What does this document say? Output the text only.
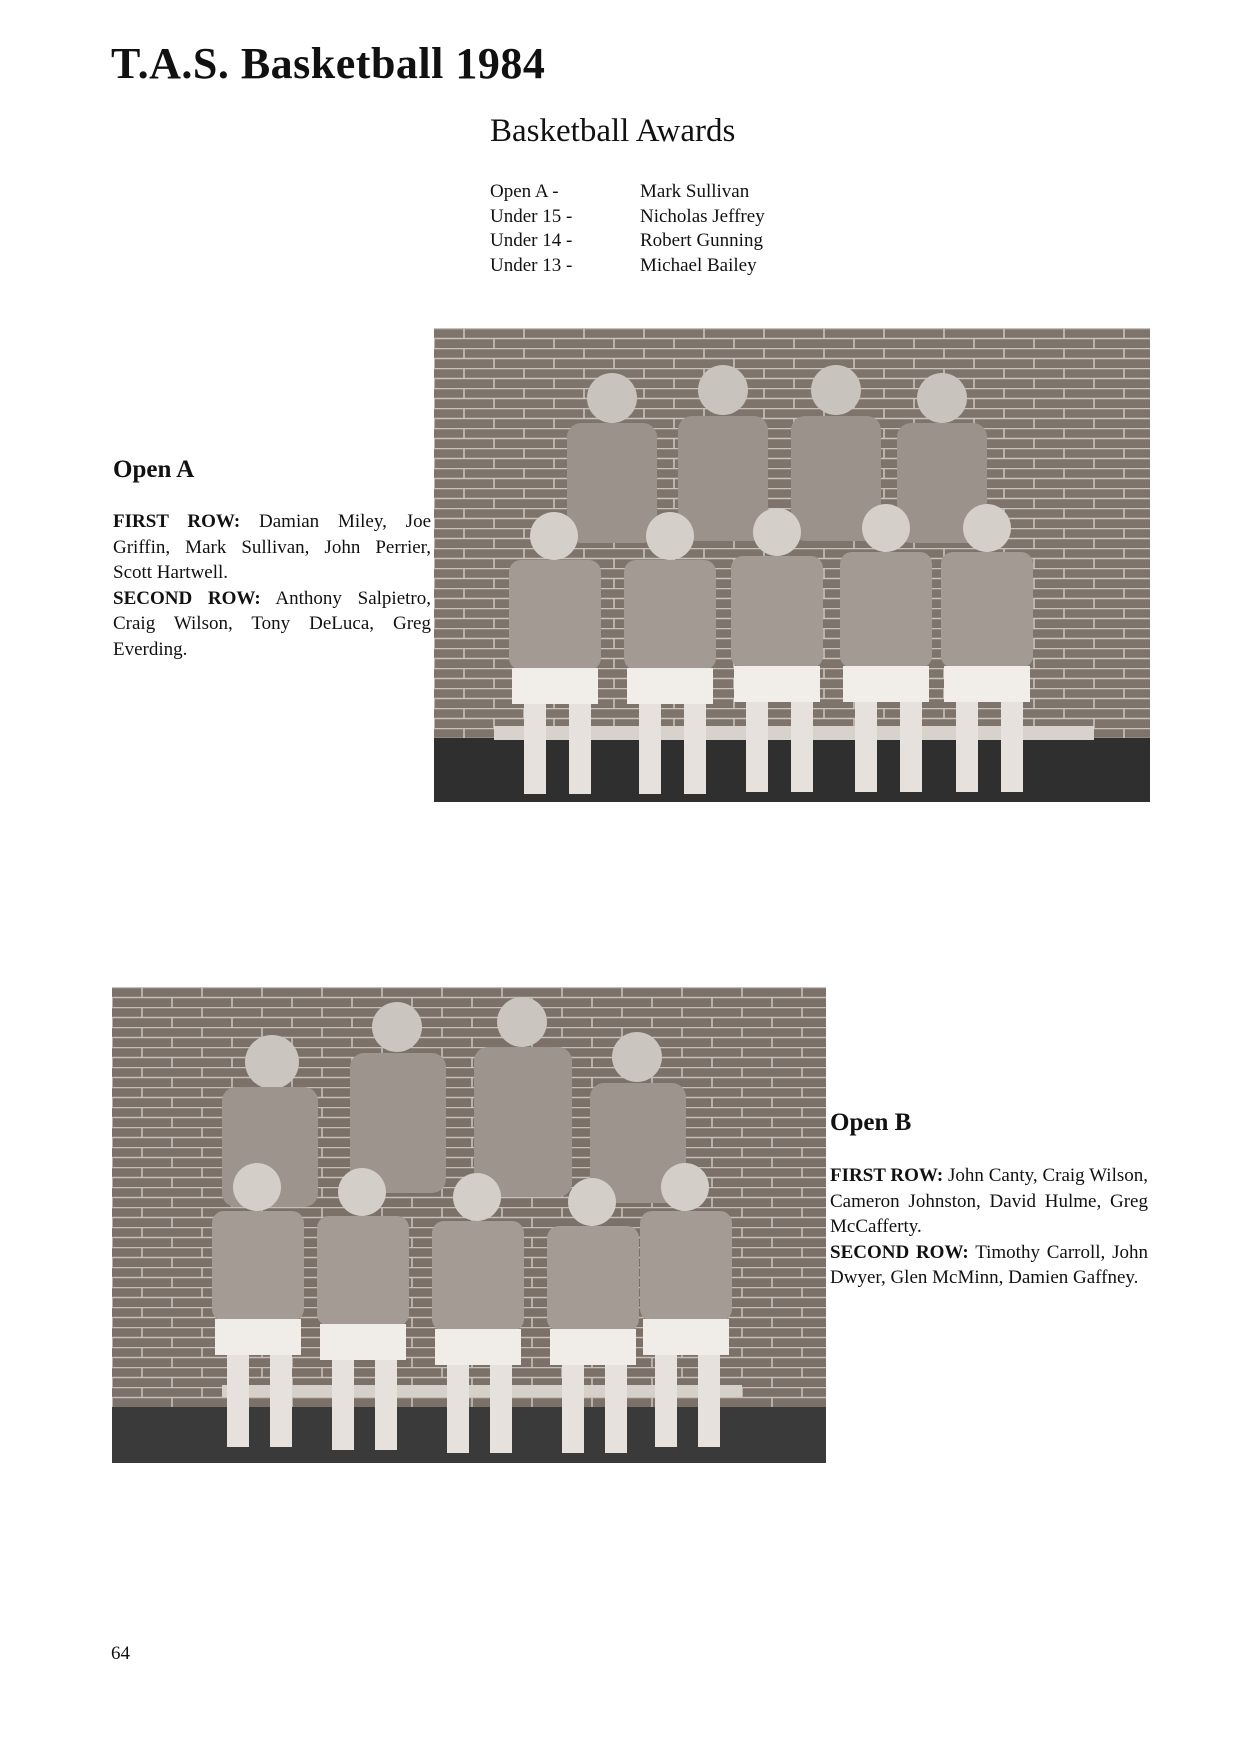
T.A.S. Basketball 1984
Basketball Awards
Open A -	Mark Sullivan
Under 15 -	Nicholas Jeffrey
Under 14 -	Robert Gunning
Under 13 -	Michael Bailey
Open A

FIRST ROW: Damian Miley, Joe Griffin, Mark Sullivan, John Perrier, Scott Hartwell.

SECOND ROW: Anthony Salpietro, Craig Wilson, Tony DeLuca, Greg Everding.

Open B

FIRST ROW: John Canty, Craig Wilson, Cameron Johnston, David Hulme, Greg McCafferty.

SECOND ROW: Timothy Carroll, John Dwyer, Glen McMinn, Damien Gaffney.

64
